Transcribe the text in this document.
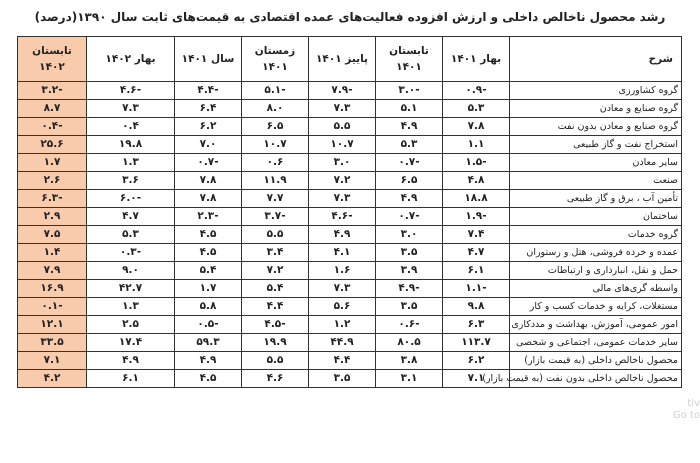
رشد محصول ناخالص داخلی و ارزش افزوده فعالیت‌های عمده اقتصادی به قیمت‌های ثابت سال ۱۳۹۰(درصد)
شرح	بهار ۱۴۰۱	تابستان ۱۴۰۱	پاییز ۱۴۰۱	زمستان ۱۴۰۱	سال ۱۴۰۱	بهار ۱۴۰۲	تابستان ۱۴۰۲
گروه کشاورزی	-۰.۹	-۳.۰	-۷.۹	-۵.۱	-۴.۴	-۴.۶	-۳.۲
گروه صنایع و معادن	۵.۳	۵.۱	۷.۳	۸.۰	۶.۴	۷.۳	۸.۷
گروه صنایع و معادن بدون نفت	۷.۸	۴.۹	۵.۵	۶.۵	۶.۲	۰.۴	-۰.۴
استخراج نفت و گاز طبیعی	۱.۱	۵.۳	۱۰.۷	۱۰.۷	۷.۰	۱۹.۸	۲۵.۶
سایر معادن	-۱.۵	-۰.۷	۳.۰	۰.۶	-۰.۷	۱.۳	۱.۷
صنعت	۴.۸	۶.۵	۷.۲	۱۱.۹	۷.۸	۳.۶	۲.۶
تأمین آب ، برق و گاز طبیعی	۱۸.۸	۴.۹	۷.۳	۷.۷	۷.۸	-۶.۰	-۶.۳
ساختمان	-۱.۹	-۰.۷	-۴.۶	-۳.۷	-۲.۳	۴.۷	۲.۹
گروه خدمات	۷.۴	۳.۰	۴.۹	۵.۵	۴.۵	۵.۳	۷.۵
عمده و خرده فروشی، هتل و رستوران	۴.۷	۳.۵	۴.۱	۳.۴	۴.۵	-۰.۳	۱.۴
حمل و نقل، انبارداری و ارتباطات	۶.۱	۳.۹	۱.۶	۷.۲	۵.۴	۹.۰	۷.۹
واسطه گری‌های مالی	-۱.۱	-۴.۹	۷.۳	۵.۴	۱.۷	۴۲.۷	۱۶.۹
مستغلات، کرایه و خدمات کسب و کار	۹.۸	۳.۵	۵.۶	۴.۴	۵.۸	۱.۳	-۰.۱
امور عمومی، آموزش، بهداشت و مددکاری	۶.۳	-۰.۶	۱.۲	-۴.۵	-۰.۵	۲.۵	۱۲.۱
سایر خدمات عمومی، اجتماعی و شخصی	۱۱۳.۷	۸۰.۵	۴۴.۹	۱۹.۹	۵۹.۳	۱۷.۴	۳۳.۵
محصول ناخالص داخلی (به قیمت بازار)	۶.۲	۳.۸	۴.۴	۵.۵	۴.۹	۴.۹	۷.۱
محصول ناخالص داخلی بدون نفت (به قیمت بازار)	۷.۱	۳.۱	۳.۵	۴.۶	۴.۵	۶.۱	۴.۲
tiv
Go to
